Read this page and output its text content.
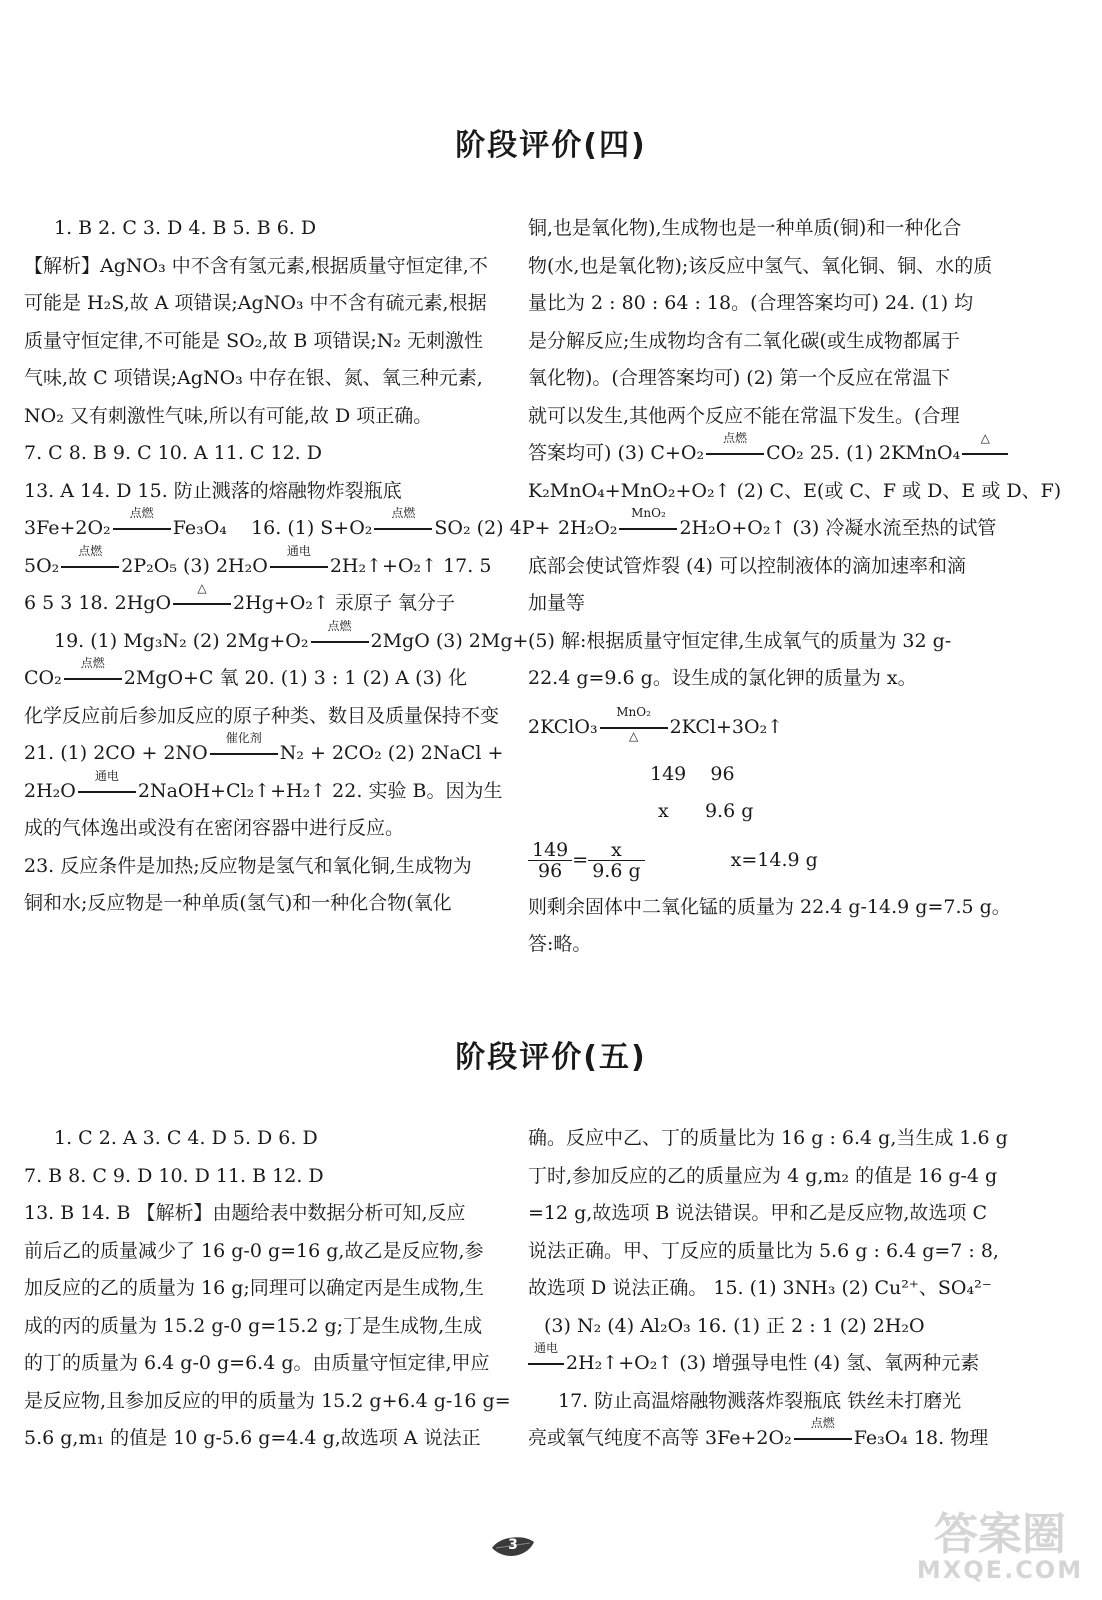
阶段评价(四)
1. B 2. C 3. D 4. B 5. B 6. D
【解析】AgNO₃ 中不含有氢元素,根据质量守恒定律,不
可能是 H₂S,故 A 项错误;AgNO₃ 中不含有硫元素,根据
质量守恒定律,不可能是 SO₂,故 B 项错误;N₂ 无刺激性
气味,故 C 项错误;AgNO₃ 中存在银、氮、氧三种元素,
NO₂ 又有刺激性气味,所以有可能,故 D 项正确。
7. C 8. B 9. C 10. A 11. C 12. D
13. A 14. D 15. 防止溅落的熔融物炸裂瓶底
3Fe+2O₂
点燃
Fe₃O₄ 16. (1) S+O₂
点燃
SO₂ (2) 4P+
5O₂
点燃
2P₂O₅ (3) 2H₂O
通电
2H₂↑+O₂↑ 17. 5
6 5 3 18. 2HgO
△
2Hg+O₂↑ 汞原子 氧分子
19. (1) Mg₃N₂ (2) 2Mg+O₂
点燃
2MgO (3) 2Mg+
CO₂
点燃
2MgO+C 氧 20. (1) 3 : 1 (2) A (3) 化
化学反应前后参加反应的原子种类、数目及质量保持不变
21. (1) 2CO + 2NO
催化剂
N₂ + 2CO₂ (2) 2NaCl +
2H₂O
通电
2NaOH+Cl₂↑+H₂↑ 22. 实验 B。因为生
成的气体逸出或没有在密闭容器中进行反应。
23. 反应条件是加热;反应物是氢气和氧化铜,生成物为
铜和水;反应物是一种单质(氢气)和一种化合物(氧化
铜,也是氧化物),生成物也是一种单质(铜)和一种化合
物(水,也是氧化物);该反应中氢气、氧化铜、铜、水的质
量比为 2 : 80 : 64 : 18。(合理答案均可) 24. (1) 均
是分解反应;生成物均含有二氧化碳(或生成物都属于
氧化物)。(合理答案均可) (2) 第一个反应在常温下
就可以发生,其他两个反应不能在常温下发生。(合理
答案均可) (3) C+O₂
点燃
CO₂ 25. (1) 2KMnO₄
△
K₂MnO₄+MnO₂+O₂↑ (2) C、E(或 C、F 或 D、E 或 D、F)
2H₂O₂
MnO₂
2H₂O+O₂↑ (3) 冷凝水流至热的试管
底部会使试管炸裂 (4) 可以控制液体的滴加速率和滴
加量等
(5) 解:根据质量守恒定律,生成氧气的质量为 32 g-
22.4 g=9.6 g。设生成的氯化钾的质量为 x。
2KClO₃
MnO₂
△	2KCl+3O₂↑
149    96
x      9.6 g
$\frac{149}{96} = \frac{x}{9.6 g}$	x=14.9 g
则剩余固体中二氧化锰的质量为 22.4 g-14.9 g=7.5 g。
答:略。
阶段评价(五)
1. C 2. A 3. C 4. D 5. D 6. D
7. B 8. C 9. D 10. D 11. B 12. D
13. B 14. B 【解析】由题给表中数据分析可知,反应
前后乙的质量减少了 16 g-0 g=16 g,故乙是反应物,参
加反应的乙的质量为 16 g;同理可以确定丙是生成物,生
成的丙的质量为 15.2 g-0 g=15.2 g;丁是生成物,生成
的丁的质量为 6.4 g-0 g=6.4 g。由质量守恒定律,甲应
是反应物,且参加反应的甲的质量为 15.2 g+6.4 g-16 g=
5.6 g,m₁ 的值是 10 g-5.6 g=4.4 g,故选项 A 说法正
确。反应中乙、丁的质量比为 16 g : 6.4 g,当生成 1.6 g
丁时,参加反应的乙的质量应为 4 g,m₂ 的值是 16 g-4 g
=12 g,故选项 B 说法错误。甲和乙是反应物,故选项 C
说法正确。甲、丁反应的质量比为 5.6 g : 6.4 g=7 : 8,
故选项 D 说法正确。 15. (1) 3NH₃ (2) Cu²⁺、SO₄²⁻
(3) N₂ (4) Al₂O₃ 16. (1) 正 2 : 1 (2) 2H₂O
通电
2H₂↑+O₂↑ (3) 增强导电性 (4) 氢、氧两种元素
17. 防止高温熔融物溅落炸裂瓶底 铁丝未打磨光
亮或氧气纯度不高等 3Fe+2O₂
点燃
Fe₃O₄ 18. 物理
3	答案圈
MXQE.COM
